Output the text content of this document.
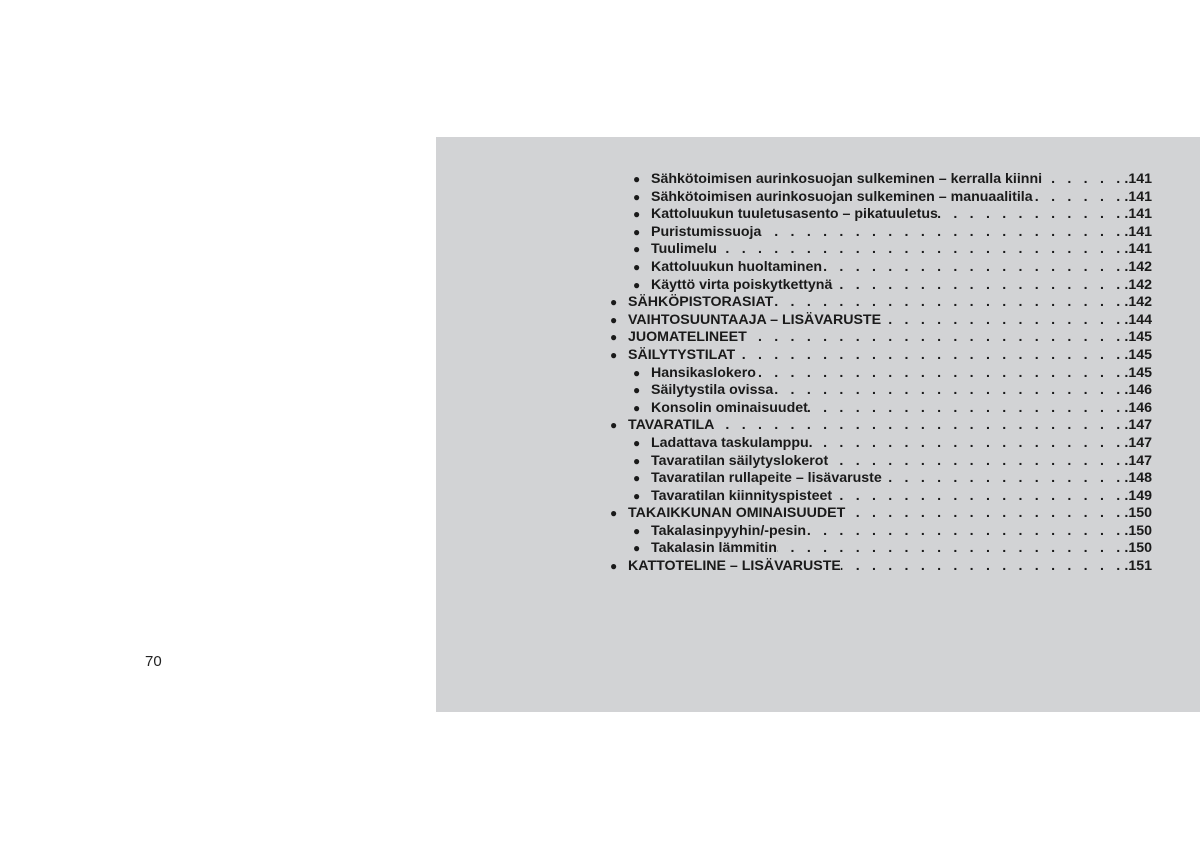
● Sähkötoimisen aurinkosuojan sulkeminen – kerralla kiinni . . .	.141
● Sähkötoimisen aurinkosuojan sulkeminen – manuaalitila . . .	.141
● Kattoluukun tuuletusasento – pikatuuletus . . .	.141
● Puristumissuoja . . .	.141
● Tuulimelu . . .	.141
● Kattoluukun huoltaminen . . .	.142
● Käyttö virta poiskytkettynä . . .	.142
● SÄHKÖPISTORASIAT . . .	.142
● VAIHTOSUUNTAAJA – LISÄVARUSTE . . .	.144
● JUOMATELINEET . . .	.145
● SÄILYTYSTILAT . . .	.145
● Hansikaslokero . . .	.145
● Säilytystila ovissa . . .	.146
● Konsolin ominaisuudet . . .	.146
● TAVARATILA . . .	.147
● Ladattava taskulamppu. . . .	.147
● Tavaratilan säilytyslokerot . . .	.147
● Tavaratilan rullapeite – lisävaruste . . .	.148
● Tavaratilan kiinnityspisteet . . .	.149
● TAKAIKKUNAN OMINAISUUDET . . .	.150
● Takalasinpyyhin/-pesin . . .	.150
● Takalasin lämmitin . . .	.150
● KATTOTELINE – LISÄVARUSTE . . .	.151
70
